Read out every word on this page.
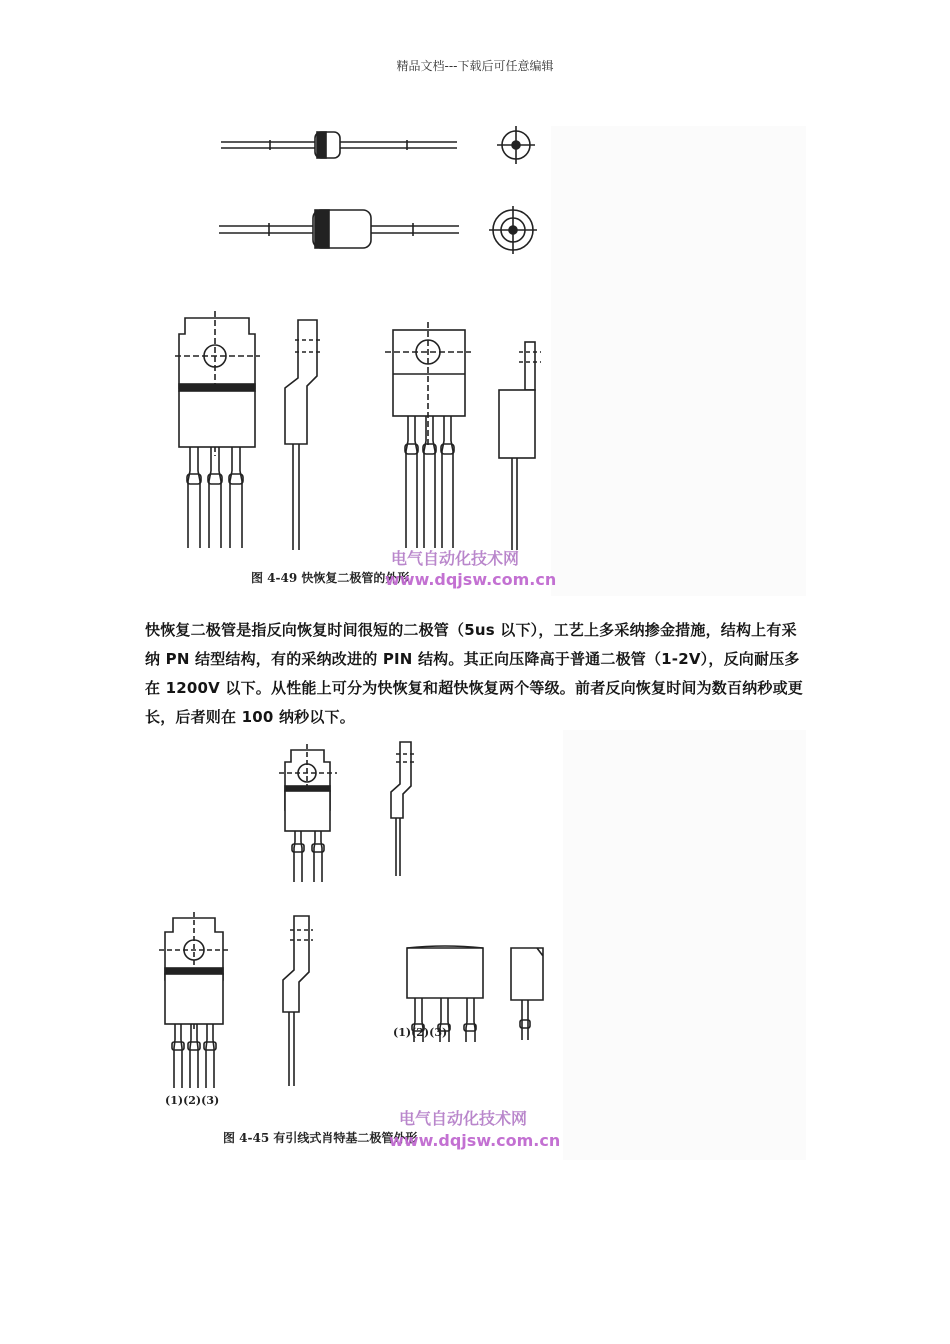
精品文档---下载后可任意编辑
图 4-49 快恢复二极管的外形
电气自动化技术网
www.dqjsw.com.cn
快恢复二极管是指反向恢复时间很短的二极管（5us 以下），工艺上多采纳掺金措施，结构上有采纳 PN 结型结构，有的采纳改进的 PIN 结构。其正向压降高于普通二极管（1-2V），反向耐压多在 1200V 以下。从性能上可分为快恢复和超快恢复两个等级。前者反向恢复时间为数百纳秒或更长，后者则在 100 纳秒以下。
(1)(2)(3)
(1)(2)(3)
图 4-45 有引线式肖特基二极管外形
电气自动化技术网
www.dqjsw.com.cn
